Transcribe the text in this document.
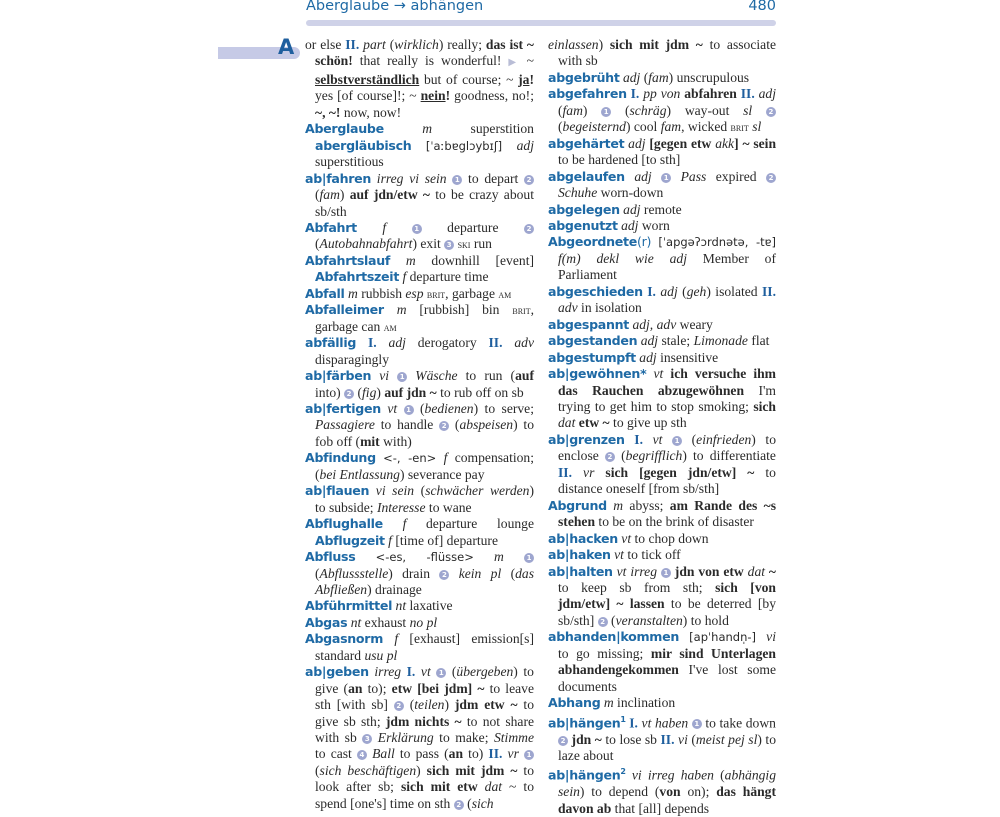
Aberglaube → abhängen	480
A or else II. part (wirklich) really; das ist ~ schön! that really is wonderful! ▶ ~ selbstverständlich but of course; ~ ja! yes [of course]!; ~ nein! goodness, no!; ~, ~! now, now!

Aberglaube	m superstition abergläubisch [ˈaːbɐglɔybɪʃ] adj superstitious

ab|fahren irreg vi sein 1 to depart 2 (fam) auf jdn/etw ~ to be crazy about sb/sth

Abfahrt f	1 departure 2 (Autobahnabfahrt) exit 3 ski run

Abfahrtslauf m downhill [event] Abfahrtszeit f departure time

Abfall m rubbish esp brit, garbage am

Abfalleimer m [rubbish] bin brit, garbage can am

abfällig I. adj derogatory II. adv disparagingly

ab|färben vi 1 Wäsche to run (auf into) 2 (fig) auf jdn ~ to rub off on sb

ab|fertigen vt 1 (bedienen) to serve; Passagiere to handle 2 (abspeisen) to fob off (mit with)

Abfindung <-, -en> f compensation; (bei Entlassung) severance pay

ab|flauen vi sein (schwächer werden) to subside; Interesse to wane

Abflughalle f departure lounge Abflugzeit f [time of] departure

Abfluss <-es, -flüsse> m	1 (Abflussstelle) drain 2 kein pl (das Abfließen) drainage

Abführmittel nt laxative

Abgas nt exhaust no pl

Abgasnorm f [exhaust] emission[s] standard usu pl

ab|geben irreg I. vt 1 (übergeben) to give (an to); etw [bei jdm] ~ to leave sth [with sb] 2 (teilen) jdm etw ~ to give sb sth; jdm nichts ~ to not share with sb 3 Erklärung to make; Stimme to cast 4 Ball to pass (an to) II. vr 1 (sich beschäftigen) sich mit jdm ~ to look after sb; sich mit etw dat ~ to spend [one's] time on sth 2 (sich

einlassen) sich mit jdm ~ to associate with sb

abgebrüht adj (fam) unscrupulous

abgefahren I. pp von abfahren II. adj (fam) 1 (schräg) way-out sl 2 (begeisternd) cool fam, wicked brit sl

abgehärtet adj [gegen etw akk] ~ sein to be hardened [to sth]

abgelaufen adj 1 Pass expired 2 Schuhe worn-down

abgelegen adj remote

abgenutzt adj worn

Abgeordnete(r) [ˈapgəʔɔrdnətə, -tɐ] f(m) dekl wie adj Member of Parliament

abgeschieden I. adj (geh) isolated II. adv in isolation

abgespannt adj, adv weary

abgestanden adj stale; Limonade flat

abgestumpft adj insensitive

ab|gewöhnen* vt ich versuche ihm das Rauchen abzugewöhnen I'm trying to get him to stop smoking; sich dat etw ~ to give up sth

ab|grenzen I. vt 1 (einfrieden) to enclose 2 (begrifflich) to differentiate II. vr sich [gegen jdn/etw] ~ to distance oneself [from sb/sth]

Abgrund m abyss; am Rande des ~s stehen to be on the brink of disaster

ab|hacken vt to chop down

ab|haken vt to tick off

ab|halten vt irreg 1 jdn von etw dat ~ to keep sb from sth; sich [von jdm/etw] ~ lassen to be deterred [by sb/sth] 2 (veranstalten) to hold

abhanden|kommen [apˈhandn̩-] vi to go missing; mir sind Unterlagen abhandengekommen I've lost some documents

Abhang m inclination

ab|hängen$^1$ I. vt haben 1 to take down 2 jdn ~ to lose sb II. vi (meist pej sl) to laze about

ab|hängen$^2$ vi irreg haben (abhängig sein) to depend (von on); das hängt davon ab that [all] depends
